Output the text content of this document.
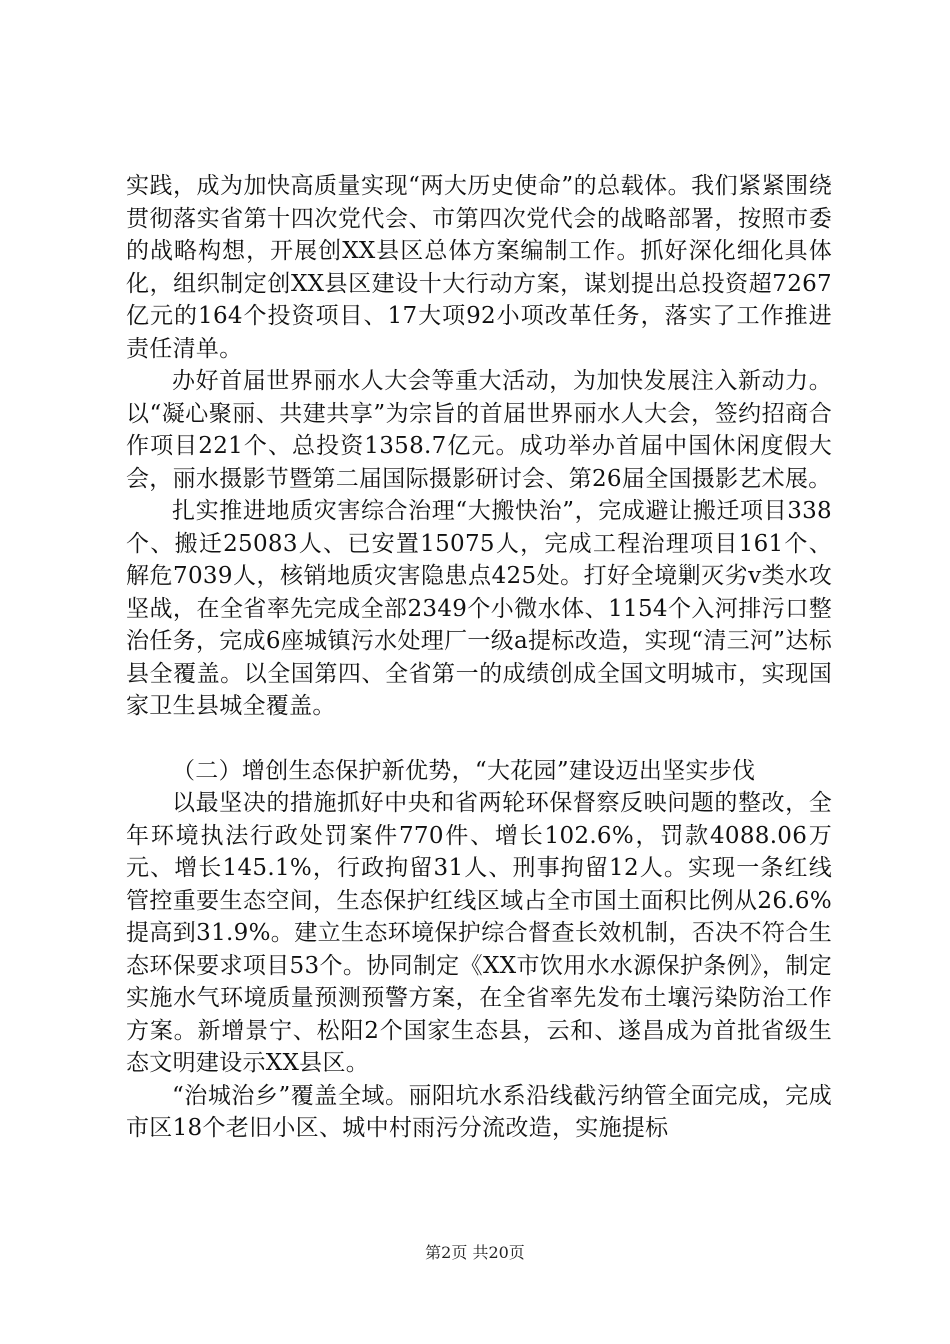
实践，成为加快高质量实现“两大历史使命”的总载体。我们紧紧围绕贯彻落实省第十四次党代会、市第四次党代会的战略部署，按照市委的战略构想，开展创XX县区总体方案编制工作。抓好深化细化具体化，组织制定创XX县区建设十大行动方案，谋划提出总投资超7267亿元的164个投资项目、17大项92小项改革任务，落实了工作推进责任清单。

办好首届世界丽水人大会等重大活动，为加快发展注入新动力。以“凝心聚丽、共建共享”为宗旨的首届世界丽水人大会，签约招商合作项目221个、总投资1358.7亿元。成功举办首届中国休闲度假大会，丽水摄影节暨第二届国际摄影研讨会、第26届全国摄影艺术展。

扎实推进地质灾害综合治理“大搬快治”，完成避让搬迁项目338个、搬迁25083人、已安置15075人，完成工程治理项目161个、解危7039人，核销地质灾害隐患点425处。打好全境剿灭劣v类水攻坚战，在全省率先完成全部2349个小微水体、1154个入河排污口整治任务，完成6座城镇污水处理厂一级a提标改造，实现“清三河”达标县全覆盖。以全国第四、全省第一的成绩创成全国文明城市，实现国家卫生县城全覆盖。

（二）增创生态保护新优势，“大花园”建设迈出坚实步伐

以最坚决的措施抓好中央和省两轮环保督察反映问题的整改，全年环境执法行政处罚案件770件、增长102.6%，罚款4088.06万元、增长145.1%，行政拘留31人、刑事拘留12人。实现一条红线管控重要生态空间，生态保护红线区域占全市国土面积比例从26.6%提高到31.9%。建立生态环境保护综合督查长效机制，否决不符合生态环保要求项目53个。协同制定《XX市饮用水水源保护条例》，制定实施水气环境质量预测预警方案，在全省率先发布土壤污染防治工作方案。新增景宁、松阳2个国家生态县，云和、遂昌成为首批省级生态文明建设示XX县区。

“治城治乡”覆盖全域。丽阳坑水系沿线截污纳管全面完成，完成市区18个老旧小区、城中村雨污分流改造，实施提标

第2页 共20页
